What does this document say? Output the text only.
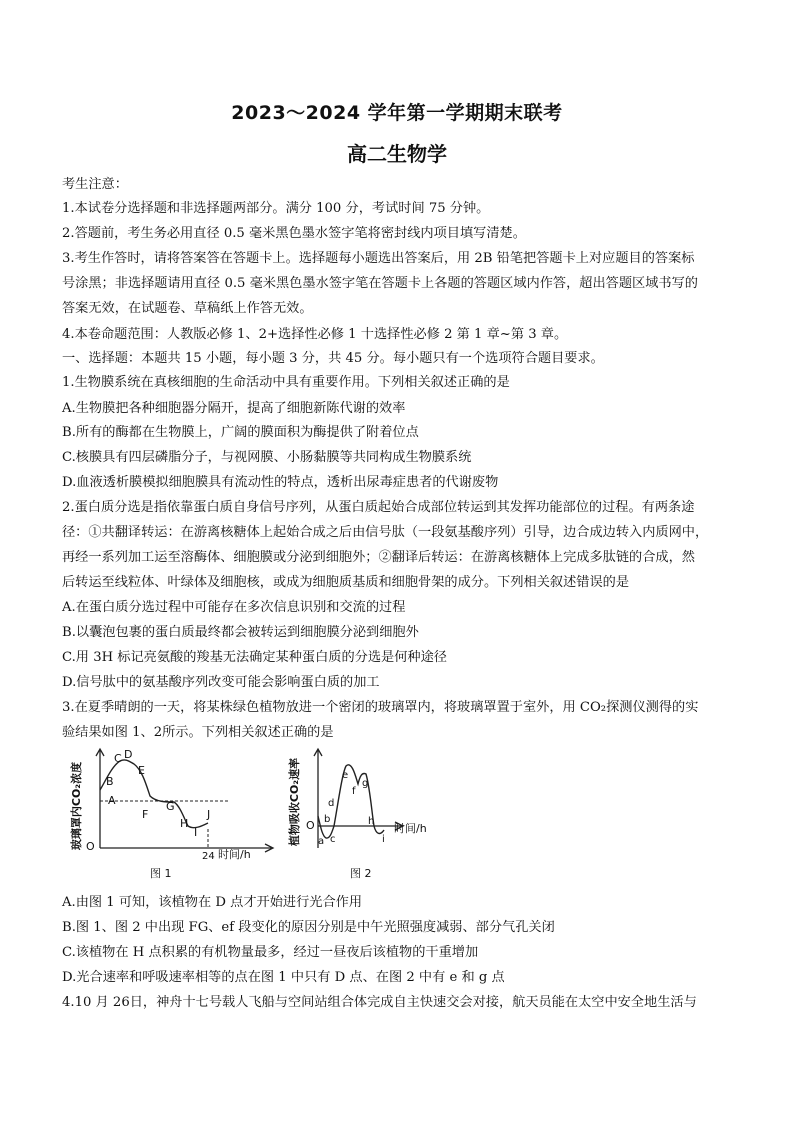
2023～2024 学年第一学期期末联考
高二生物学
考生注意：
1.本试卷分选择题和非选择题两部分。满分 100 分，考试时间 75 分钟。
2.答题前，考生务必用直径 0.5 毫米黑色墨水签字笔将密封线内项目填写清楚。
3.考生作答时，请将答案答在答题卡上。选择题每小题选出答案后，用 2B 铅笔把答题卡上对应题目的答案标
号涂黑；非选择题请用直径 0.5 毫米黑色墨水签字笔在答题卡上各题的答题区域内作答，超出答题区域书写的
答案无效，在试题卷、草稿纸上作答无效。
4.本卷命题范围：人教版必修 1、2+选择性必修 1 十选择性必修 2 第 1 章~第 3 章。
一、选择题：本题共 15 小题，每小题 3 分，共 45 分。每小题只有一个选项符合题目要求。
1.生物膜系统在真核细胞的生命活动中具有重要作用。下列相关叙述正确的是
A.生物膜把各种细胞器分隔开，提高了细胞新陈代谢的效率
B.所有的酶都在生物膜上，广阔的膜面积为酶提供了附着位点
C.核膜具有四层磷脂分子，与视网膜、小肠黏膜等共同构成生物膜系统
D.血液透析膜模拟细胞膜具有流动性的特点，透析出尿毒症患者的代谢废物
2.蛋白质分选是指依靠蛋白质自身信号序列，从蛋白质起始合成部位转运到其发挥功能部位的过程。有两条途
径：①共翻译转运：在游离核糖体上起始合成之后由信号肽（一段氨基酸序列）引导，边合成边转入内质网中，
再经一系列加工运至溶酶体、细胞膜或分泌到细胞外；②翻译后转运：在游离核糖体上完成多肽链的合成，然
后转运至线粒体、叶绿体及细胞核，或成为细胞质基质和细胞骨架的成分。下列相关叙述错误的是
A.在蛋白质分选过程中可能存在多次信息识别和交流的过程
B.以囊泡包裹的蛋白质最终都会被转运到细胞膜分泌到细胞外
C.用 3H 标记亮氨酸的羧基无法确定某种蛋白质的分选是何种途径
D.信号肽中的氨基酸序列改变可能会影响蛋白质的加工
3.在夏季晴朗的一天，将某株绿色植物放进一个密闭的玻璃罩内，将玻璃罩置于室外，用 CO₂探测仪测得的实
验结果如图 1、2所示。下列相关叙述正确的是
玻璃罩内CO₂浓度 O
A
B
C D
E
F
G
H
I
J
24 时间/h
图 1
植物吸收CO₂速率 O
a
b
c
d
e
f
g
h
i
时间/h
图 2
A.由图 1 可知，该植物在 D 点才开始进行光合作用
B.图 1、图 2 中出现 FG、ef 段变化的原因分别是中午光照强度减弱、部分气孔关闭
C.该植物在 H 点积累的有机物量最多，经过一昼夜后该植物的干重增加
D.光合速率和呼吸速率相等的点在图 1 中只有 D 点、在图 2 中有 e 和 g 点
4.10 月 26日，神舟十七号载人飞船与空间站组合体完成自主快速交会对接，航天员能在太空中安全地生活与
